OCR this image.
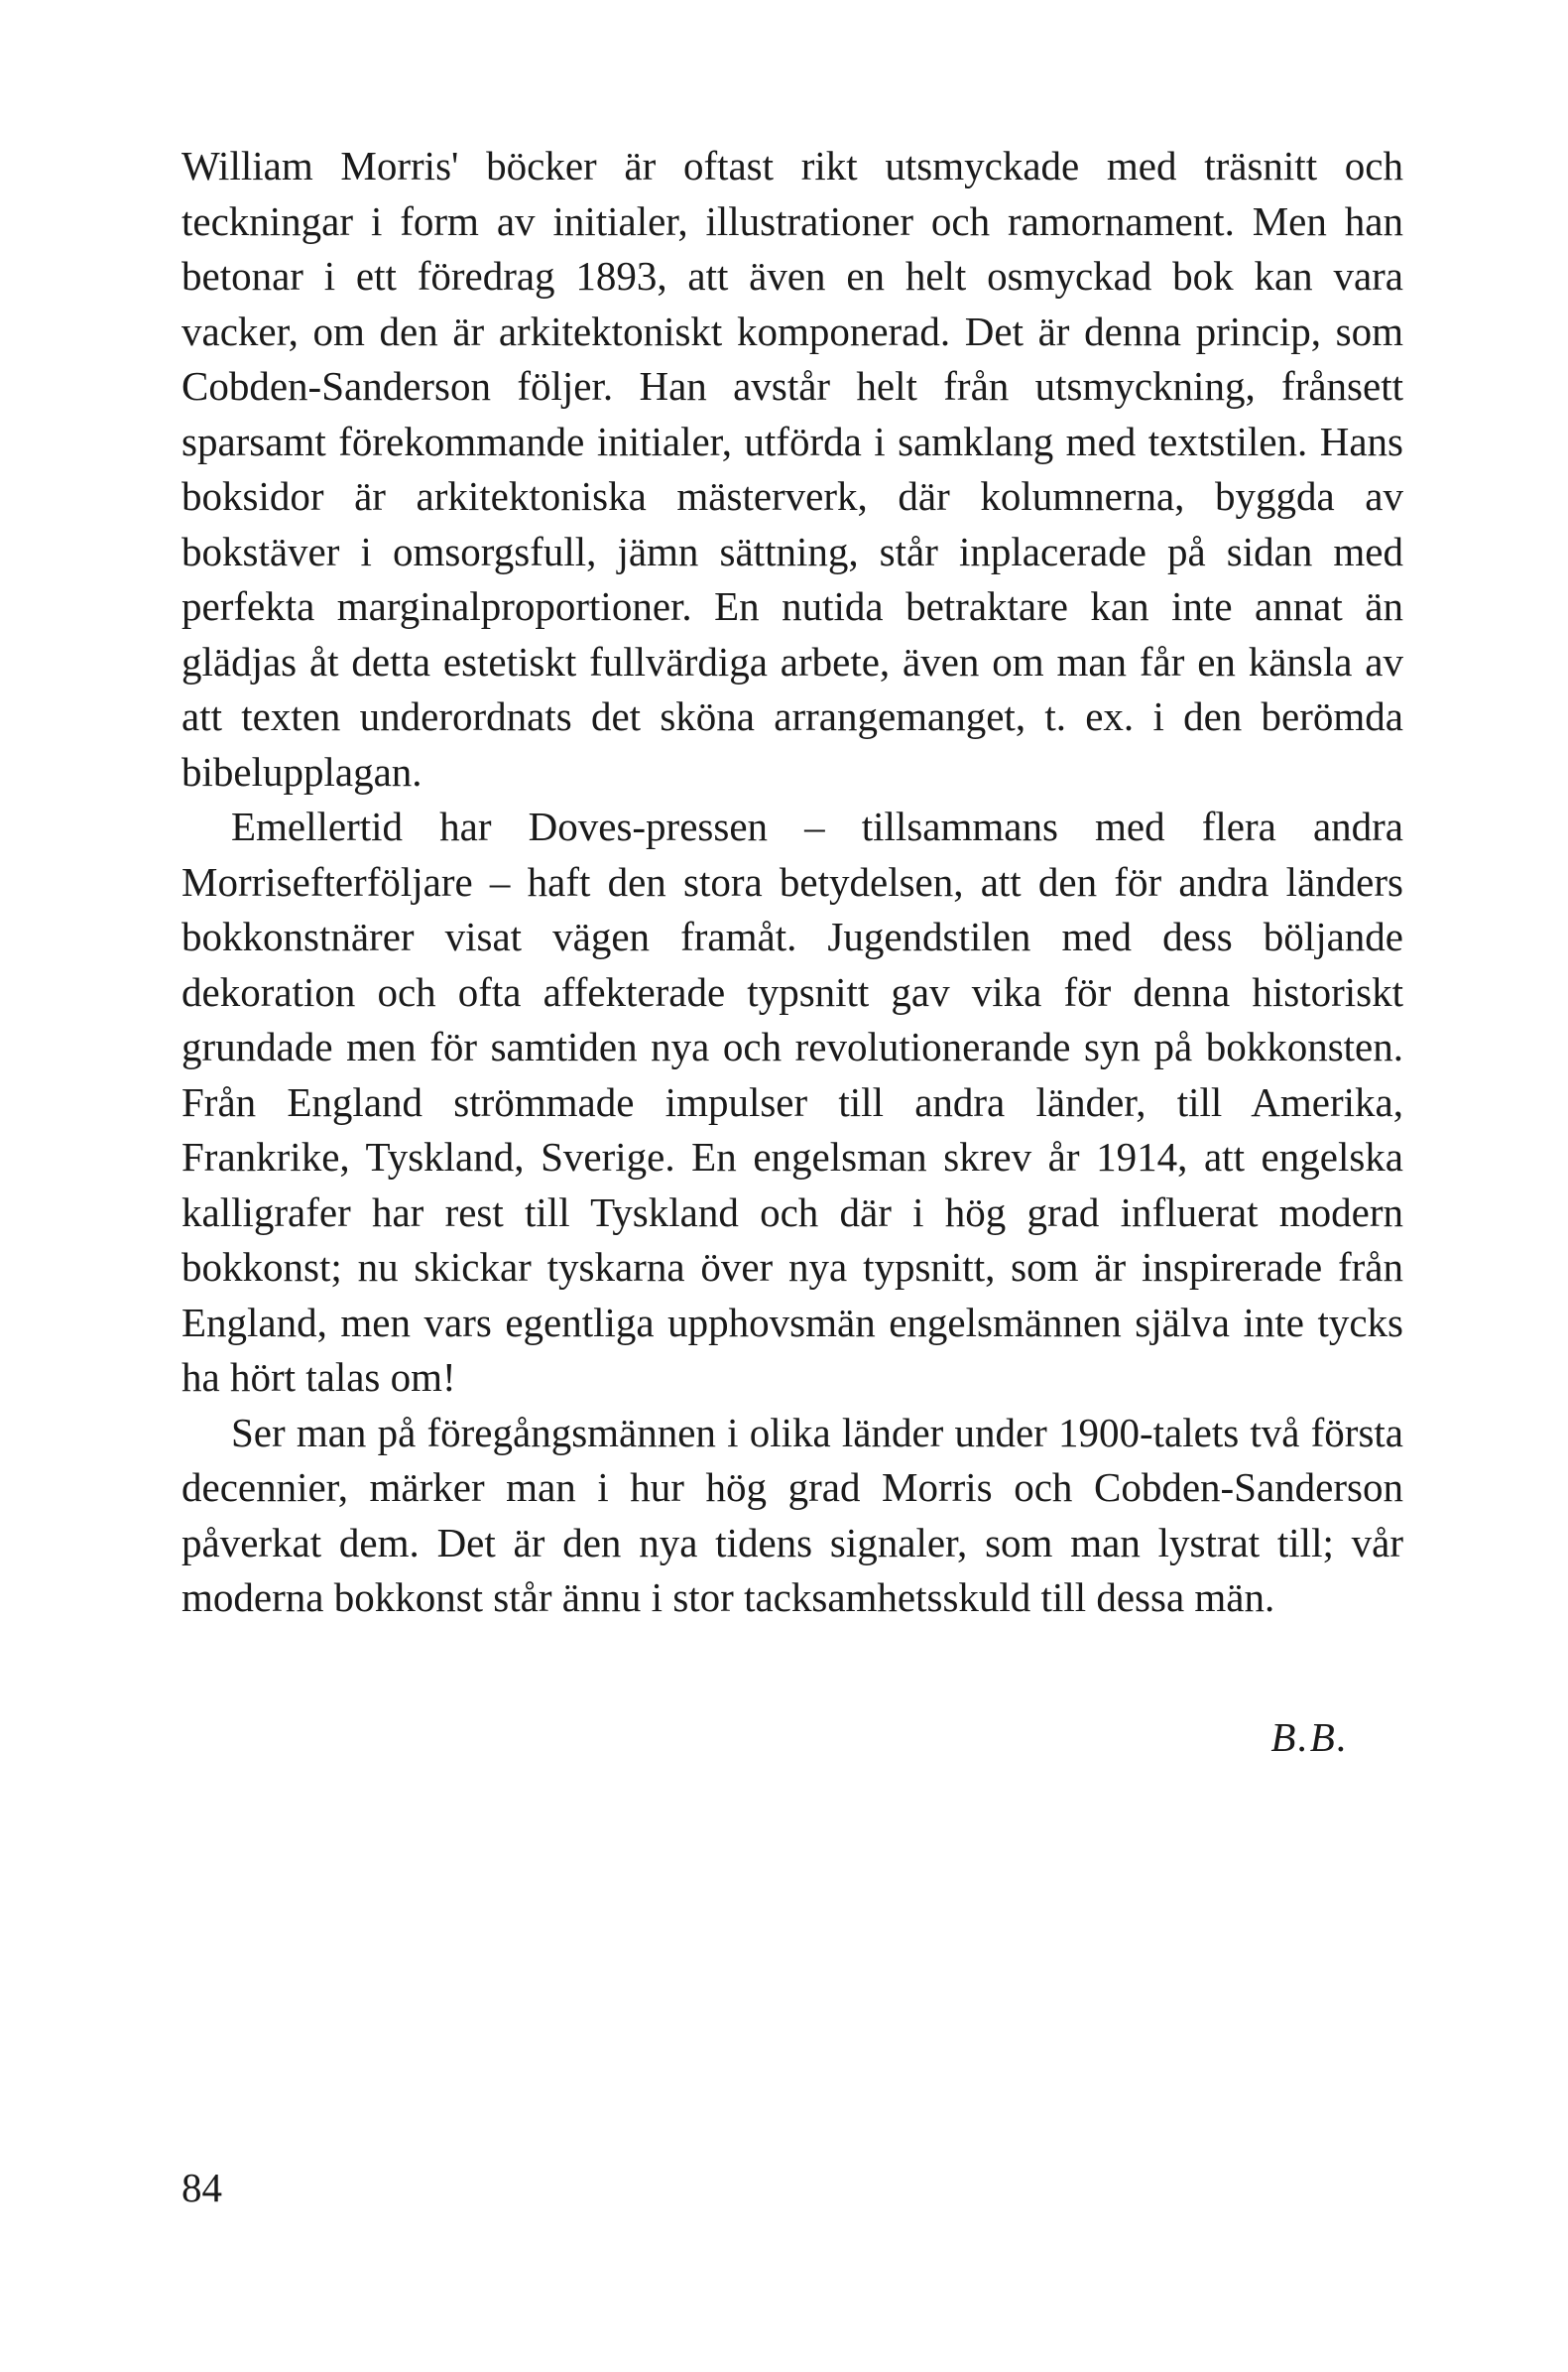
William Morris' böcker är oftast rikt utsmyckade med träsnitt och teckningar i form av initialer, illustrationer och ramornament. Men han betonar i ett föredrag 1893, att även en helt osmyckad bok kan vara vacker, om den är arkitektoniskt komponerad. Det är denna princip, som Cobden-Sanderson följer. Han avstår helt från utsmyckning, frånsett sparsamt förekommande initialer, utförda i samklang med textstilen. Hans boksidor är arkitektoniska mästerverk, där kolumnerna, byggda av bokstäver i omsorgsfull, jämn sättning, står inplacerade på sidan med perfekta marginalproportioner. En nutida betraktare kan inte annat än glädjas åt detta estetiskt fullvärdiga arbete, även om man får en känsla av att texten underordnats det sköna arrangemanget, t. ex. i den berömda bibelupplagan.

Emellertid har Doves-pressen – tillsammans med flera andra Morrisefterföljare – haft den stora betydelsen, att den för andra länders bokkonstnärer visat vägen framåt. Jugendstilen med dess böljande dekoration och ofta affekterade typsnitt gav vika för denna historiskt grundade men för samtiden nya och revolutionerande syn på bokkonsten. Från England strömmade impulser till andra länder, till Amerika, Frankrike, Tyskland, Sverige. En engelsman skrev år 1914, att engelska kalligrafer har rest till Tyskland och där i hög grad influerat modern bokkonst; nu skickar tyskarna över nya typsnitt, som är inspirerade från England, men vars egentliga upphovsmän engelsmännen själva inte tycks ha hört talas om!

Ser man på föregångsmännen i olika länder under 1900-talets två första decennier, märker man i hur hög grad Morris och Cobden-Sanderson påverkat dem. Det är den nya tidens signaler, som man lystrat till; vår moderna bokkonst står ännu i stor tacksamhetsskuld till dessa män.

B.B.
84
